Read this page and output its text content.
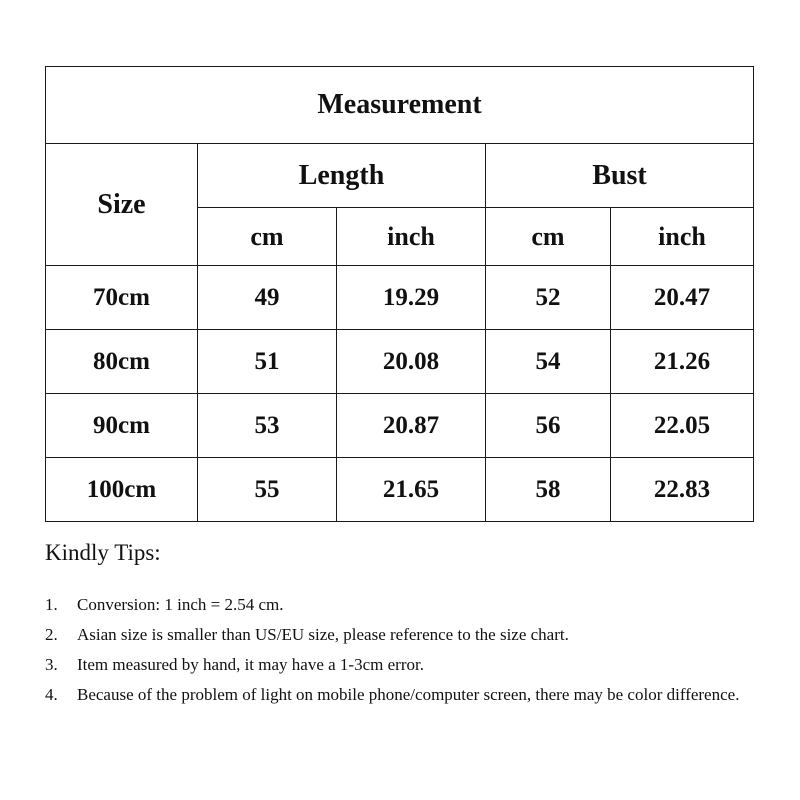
Measurement				
Size	Length		Bust	
	cm	inch	cm	inch
70cm	49	19.29	52	20.47
80cm	51	20.08	54	21.26
90cm	53	20.87	56	22.05
100cm	55	21.65	58	22.83
Kindly Tips:
1.	Conversion: 1 inch = 2.54 cm.
2.	Asian size is smaller than US/EU size, please reference to the size chart.
3.	Item measured by hand, it may have a 1-3cm error.
4.	Because of the problem of light on mobile phone/computer screen, there may be color difference.
